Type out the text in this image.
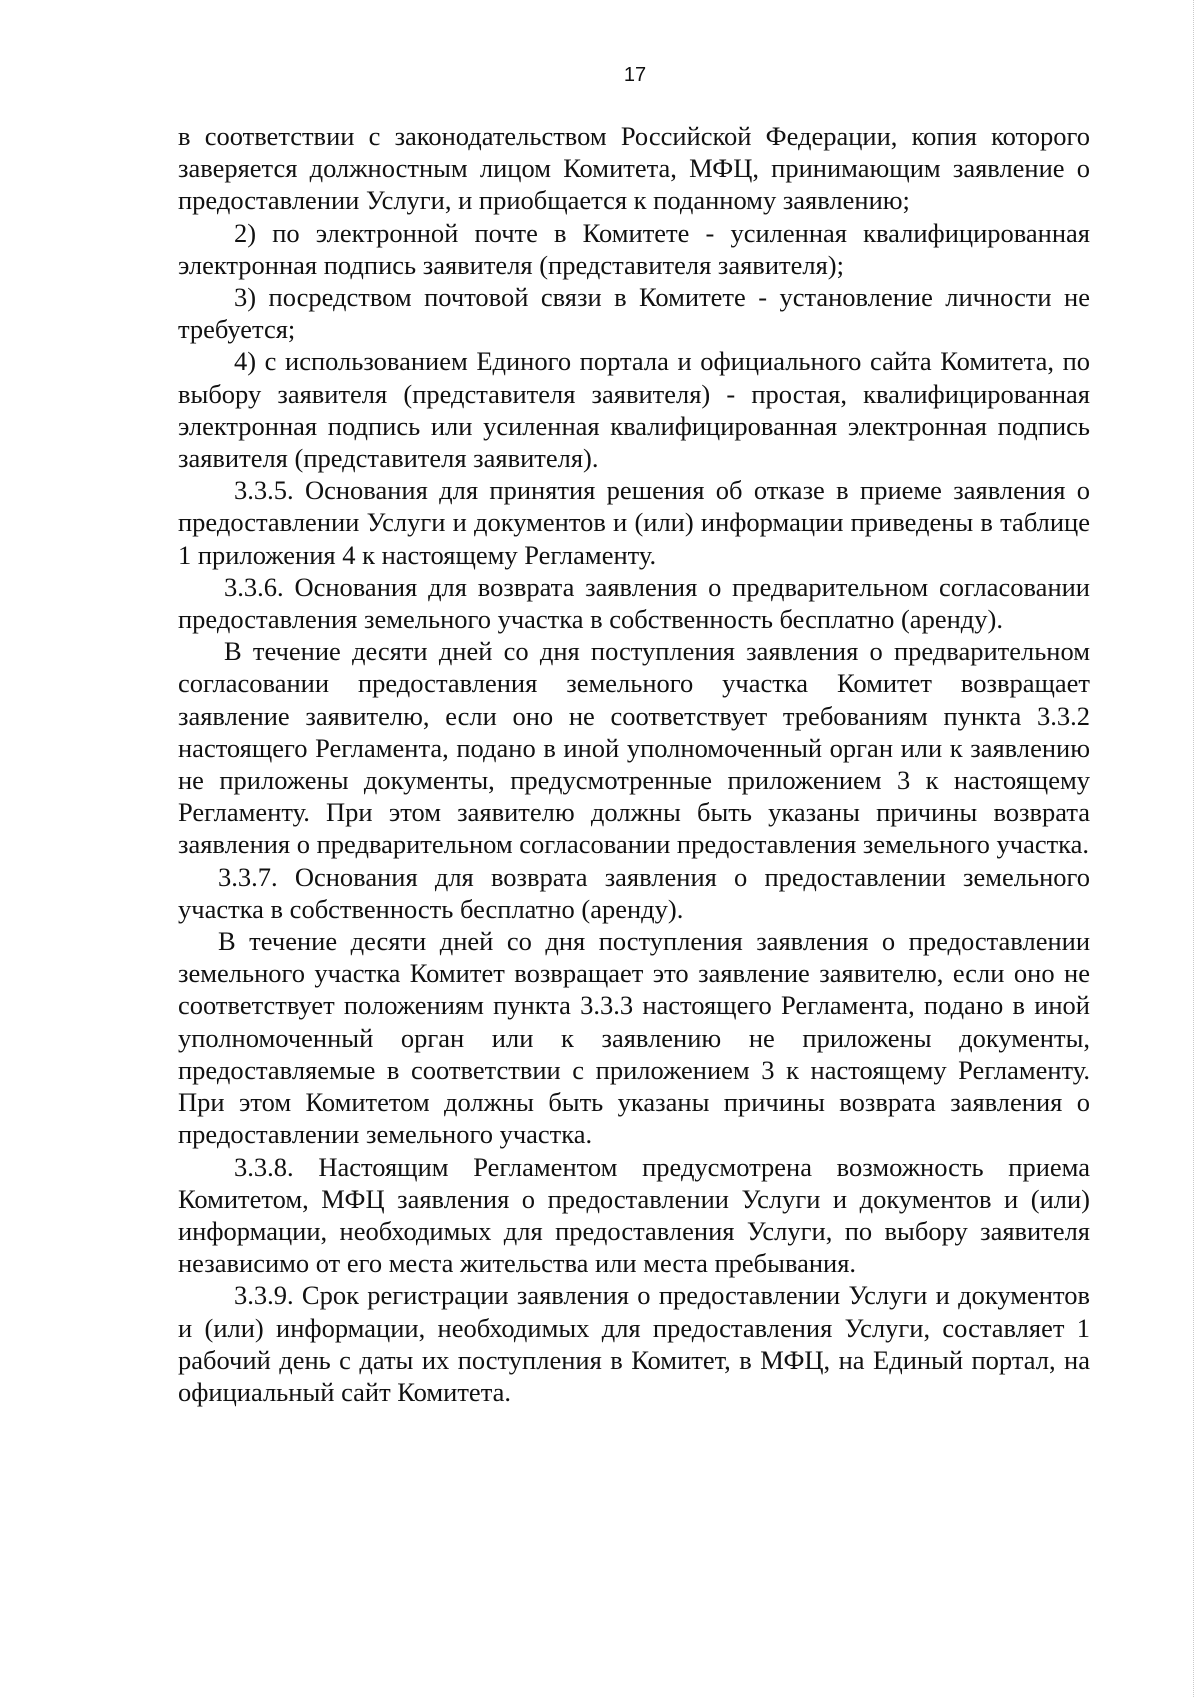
17

в соответствии с законодательством Российской Федерации, копия которого заверяется должностным лицом Комитета, МФЦ, принимающим заявление о предоставлении Услуги, и приобщается к поданному заявлению;

2) по электронной почте в Комитете - усиленная квалифицированная электронная подпись заявителя (представителя заявителя);

3) посредством почтовой связи в Комитете - установление личности не требуется;

4) с использованием Единого портала и официального сайта Комитета, по выбору заявителя (представителя заявителя) - простая, квалифицированная электронная подпись или усиленная квалифицированная электронная подпись заявителя (представителя заявителя).

3.3.5. Основания для принятия решения об отказе в приеме заявления о предоставлении Услуги и документов и (или) информации приведены в таблице 1 приложения 4 к настоящему Регламенту.

3.3.6. Основания для возврата заявления о предварительном согласовании предоставления земельного участка в собственность бесплатно (аренду).

В течение десяти дней со дня поступления заявления о предварительном согласовании предоставления земельного участка Комитет возвращает заявление заявителю, если оно не соответствует требованиям пункта 3.3.2 настоящего Регламента, подано в иной уполномоченный орган или к заявлению не приложены документы, предусмотренные приложением 3 к настоящему Регламенту. При этом заявителю должны быть указаны причины возврата заявления о предварительном согласовании предоставления земельного участка.

3.3.7. Основания для возврата заявления о предоставлении земельного участка в собственность бесплатно (аренду).

В течение десяти дней со дня поступления заявления о предоставлении земельного участка Комитет возвращает это заявление заявителю, если оно не соответствует положениям пункта 3.3.3 настоящего Регламента, подано в иной уполномоченный орган или к заявлению не приложены документы, предоставляемые в соответствии с приложением 3 к настоящему Регламенту. При этом Комитетом должны быть указаны причины возврата заявления о предоставлении земельного участка.

3.3.8. Настоящим Регламентом предусмотрена возможность приема Комитетом, МФЦ заявления о предоставлении Услуги и документов и (или) информации, необходимых для предоставления Услуги, по выбору заявителя независимо от его места жительства или места пребывания.

3.3.9. Срок регистрации заявления о предоставлении Услуги и документов и (или) информации, необходимых для предоставления Услуги, составляет 1 рабочий день с даты их поступления в Комитет, в МФЦ, на Единый портал, на официальный сайт Комитета.
